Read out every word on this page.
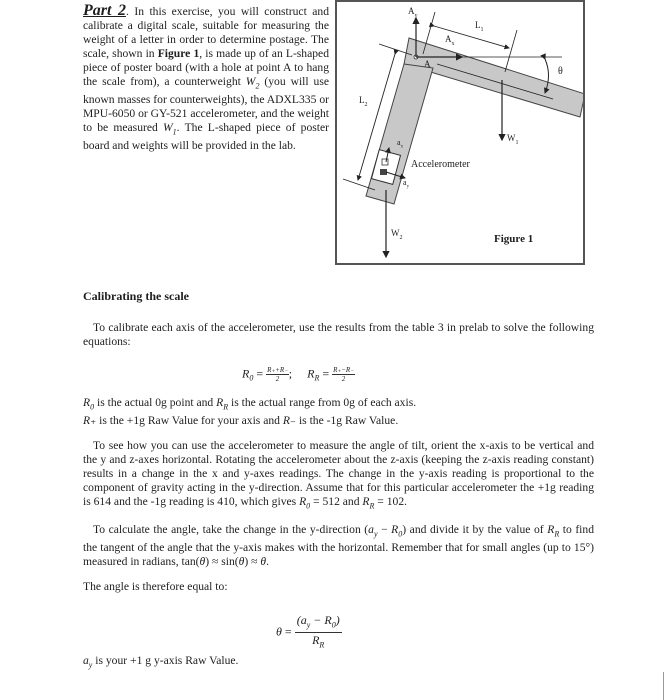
Part 2. In this exercise, you will construct and calibrate a digital scale, suitable for measuring the weight of a letter in order to determine postage. The scale, shown in Figure 1, is made up of an L-shaped piece of poster board (with a hole at point A to hang the scale from), a counterweight $W_2$ (you will use known masses for counterweights), the ADXL335 or MPU-6050 or GY-521 accelerometer, and the weight to be measured $W_1$. The L-shaped piece of poster board and weights will be provided in the lab.
$A_y$
$A_x$
A
$L_1$
$L_2$
θ
$W_1$
$W_2$
$a_x$
$a_y$
Accelerometer
Figure 1
Calibrating the scale
To calibrate each axis of the accelerometer, use the results from the table 3 in prelab to solve the following equations:
$R_0 = \frac{R_++R_-}{2}$ ; $R_R = \frac{R_+-R_-}{2}$
$R_0$ is the actual 0g point and $R_R$ is the actual range from 0g of each axis.
R₊ is the +1g Raw Value for your axis and R₋ is the -1g Raw Value.
To see how you can use the accelerometer to measure the angle of tilt, orient the x-axis to be vertical and the y and z-axes horizontal. Rotating the accelerometer about the z-axis (keeping the z-axis reading constant) results in a change in the x and y-axes readings. The change in the y-axis reading is proportional to the component of gravity acting in the y-direction. Assume that for this particular accelerometer the +1g reading is 614 and the -1g reading is 410, which gives $R_0 = 512$ and $R_R = 102$.
To calculate the angle, take the change in the y-direction $(a_y - R_0)$ and divide it by the value of $R_R$ to find the tangent of the angle that the y-axis makes with the horizontal. Remember that for small angles (up to 15°) measured in radians, tan(θ) ≈ sin(θ) ≈ θ.
The angle is therefore equal to:
$\theta = \frac{(a_y - R_0)}{R_R}$
$a_y$ is your +1 g y-axis Raw Value.
